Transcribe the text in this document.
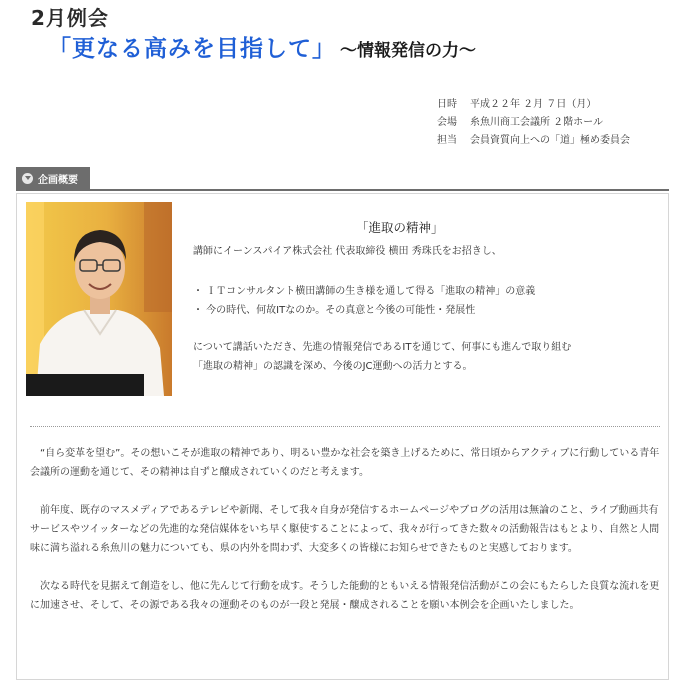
2月例会
「更なる高みを目指して」 〜情報発信の力〜
日時 平成２２年 ２月 ７日（月）
会場 糸魚川商工会議所 ２階ホール
担当 会員資質向上への「道」極め委員会
企画概要
「進取の精神」
講師にイーンスパイア株式会社 代表取締役 横田 秀珠氏をお招きし、
・ ＩＴコンサルタント横田講師の生き様を通して得る「進取の精神」の意義
・ 今の時代、何故ITなのか。その真意と今後の可能性・発展性
について講話いただき、先進の情報発信であるITを通じて、何事にも進んで取り組む
「進取の精神」の認識を深め、今後のJC運動への活力とする。

“自ら変革を望む”。その想いこそが進取の精神であり、明るい豊かな社会を築き上げるために、常日頃からアクティブに行動している青年会議所の運動を通じて、その精神は自ずと醸成されていくのだと考えます。

前年度、既存のマスメディアであるテレビや新聞、そして我々自身が発信するホームページやブログの活用は無論のこと、ライブ動画共有サービスやツイッターなどの先進的な発信媒体をいち早く駆使することによって、我々が行ってきた数々の活動報告はもとより、自然と人間味に満ち溢れる糸魚川の魅力についても、県の内外を問わず、大変多くの皆様にお知らせできたものと実感しております。

次なる時代を見据えて創造をし、他に先んじて行動を成す。そうした能動的ともいえる情報発信活動がこの会にもたらした良質な流れを更に加速させ、そして、その源である我々の運動そのものが一段と発展・醸成されることを願い本例会を企画いたしました。
